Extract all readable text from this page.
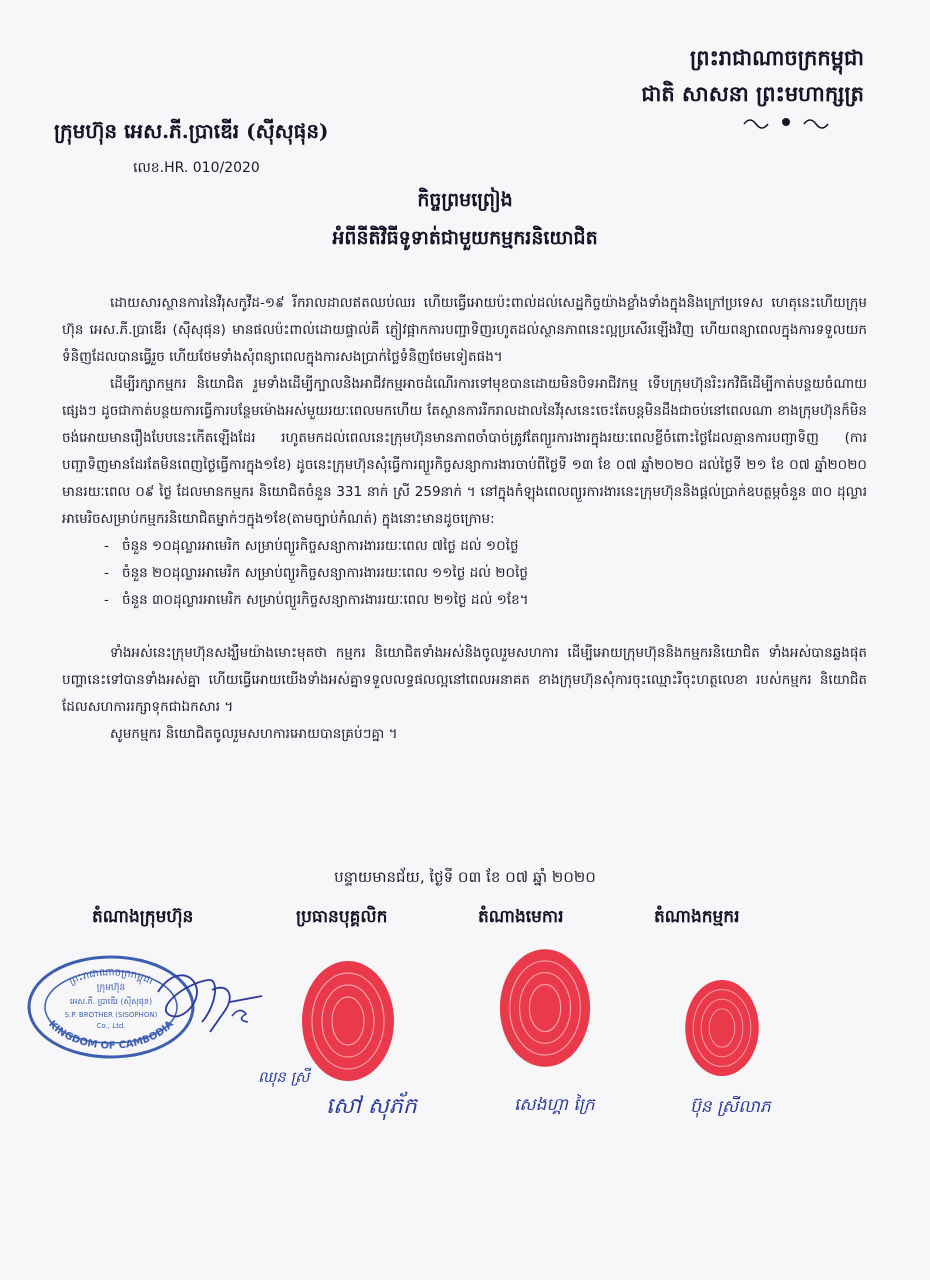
ព្រះរាជាណាចក្រកម្ពុជា
ជាតិ សាសនា ព្រះមហាក្សត្រ
ក្រុមហ៊ុន អេស.ភី.ប្រាឌើរ (ស៊ីសុផុន)
លេខ.HR. 010/2020
កិច្ចព្រមព្រៀង
អំពីនីតិវិធីទូទាត់ជាមួយកម្មករនិយោជិត

ដោយសារស្ថានការនៃវីរុសកូវីដ-១៩ រីករាលដាលឥតឈប់ឈរ ហើយធ្វើអោយប៉ះពាល់ដល់សេដ្ឋកិច្ចយ៉ាងខ្លាំងទាំងក្នុងនិងក្រៅប្រទេស ហេតុនេះហើយក្រុមហ៊ុន អេស.ភី.ប្រាឌើរ (ស៊ីសុផុន) មានផលប៉ះពាល់ដោយផ្ទាល់គឺ ភ្ញៀវផ្អាកការបញ្ជាទិញរហូតដល់ស្ថានភាពនេះល្អប្រសើរឡើងវិញ ហើយពន្យាពេលក្នុងការទទួលយកទំនិញដែលបានធ្វើរួច ហើយថែមទាំងសុំពន្យាពេលក្នុងការសងប្រាក់ថ្លៃទំនិញថែមទៀតផង។

ដើម្បីរក្សាកម្មករ និយោជិត រួមទាំងដើម្បីក្បាលនិងអាជីវកម្មអាចដំណើរការទៅមុខបានដោយមិនបិទអាជីវកម្ម ទើបក្រុមហ៊ុនរិះរកវិធីដើម្បីកាត់បន្ថយចំណាយផ្សេងៗ ដូចជាកាត់បន្ថយការធ្វើការបន្ថែមម៉ោងអស់មួយរយៈពេលមកហើយ តែស្ថានការរីករាលដាលនៃវីរុសនេះចេះតែបន្តមិនដឹងជាចប់នៅពេលណា ខាងក្រុមហ៊ុនក៏មិនចង់អោយមានរឿងបែបនេះកើតឡើងដែរ រហូតមកដល់ពេលនេះក្រុមហ៊ុនមានភាពចាំបាច់ត្រូវតែព្យួរការងារក្នុងរយៈពេលខ្លីចំពោះថ្ងៃដែលគ្មានការបញ្ជាទិញ (ការបញ្ជាទិញមានដែរតែមិនពេញថ្ងៃធ្វើការក្នុង១ខែ) ដូចនេះក្រុមហ៊ុនសុំធ្វើការព្យួរកិច្ចសន្យាការងារចាប់ពីថ្ងៃទី ១៣ ខែ ០៧ ឆ្នាំ២០២០ ដល់ថ្ងៃទី ២១ ខែ ០៧ ឆ្នាំ២០២០ មានរយៈពេល ០៩ ថ្ងៃ ដែលមានកម្មករ និយោជិតចំនួន 331 នាក់ ស្រី 259នាក់ ។ នៅក្នុងកំឡុងពេលព្យួរការងារនេះក្រុមហ៊ុននិងផ្តល់ប្រាក់ឧបត្ថម្ភចំនួន ៣០ ដុល្លារអាមេរិចសម្រាប់កម្មករនិយោជិតម្នាក់ៗក្នុង១ខែ(តាមច្បាប់កំណត់) ក្នុងនោះមានដូចក្រោម:

- ចំនួន ១០ដុល្លារអាមេរិក សម្រាប់ព្យួរកិច្ចសន្យាការងាររយៈពេល ៧ថ្ងៃ ដល់ ១០ថ្ងៃ
- ចំនួន ២០ដុល្លារអាមេរិក សម្រាប់ព្យួរកិច្ចសន្យាការងាររយៈពេល ១១ថ្ងៃ ដល់ ២០ថ្ងៃ
- ចំនួន ៣០ដុល្លារអាមេរិក សម្រាប់ព្យួរកិច្ចសន្យាការងាររយៈពេល ២១ថ្ងៃ ដល់ ១ខែ។

ទាំងអស់នេះក្រុមហ៊ុនសង្ឃឹមយ៉ាងមោះមុតថា កម្មករ និយោជិតទាំងអស់និងចូលរួមសហការ ដើម្បីអោយក្រុមហ៊ុននិងកម្មករនិយោជិត ទាំងអស់បានឆ្លងផុតបញ្ហានេះទៅបានទាំងអស់គ្នា ហើយធ្វើអោយយើងទាំងអស់គ្នាទទួលលទ្ធផលល្អនៅពេលអនាគត ខាងក្រុមហ៊ុនសុំការចុះឈ្មោះរឺចុះហត្ថលេខា របស់កម្មករ និយោជិតដែលសហការរក្សាទុកជាឯកសារ ។

សូមកម្មករ និយោជិតចូលរួមសហការអោយបានគ្រប់ៗគ្នា ។

បន្ទាយមានជ័យ, ថ្ងៃទី ០៣ ខែ ០៧ ឆ្នាំ ២០២០
តំណាងក្រុមហ៊ុន	ប្រធានបុគ្គលិក	តំណាងមេការ	តំណាងកម្មករ
ព្រះរាជាណាចក្រកម្ពុជា
KINGDOM OF CAMBODIA
ក្រុមហ៊ុន
អេស.ភី. ប្រាឌើរ (ស៊ីសុផុន)
S.P. BROTHER (SISOPHON)
Co., Ltd.
ឈុន ស្រី
សៅ សុភ័ក	សេងហ្គា ក្រៃ	ប៊ុន ស្រីលាភ
